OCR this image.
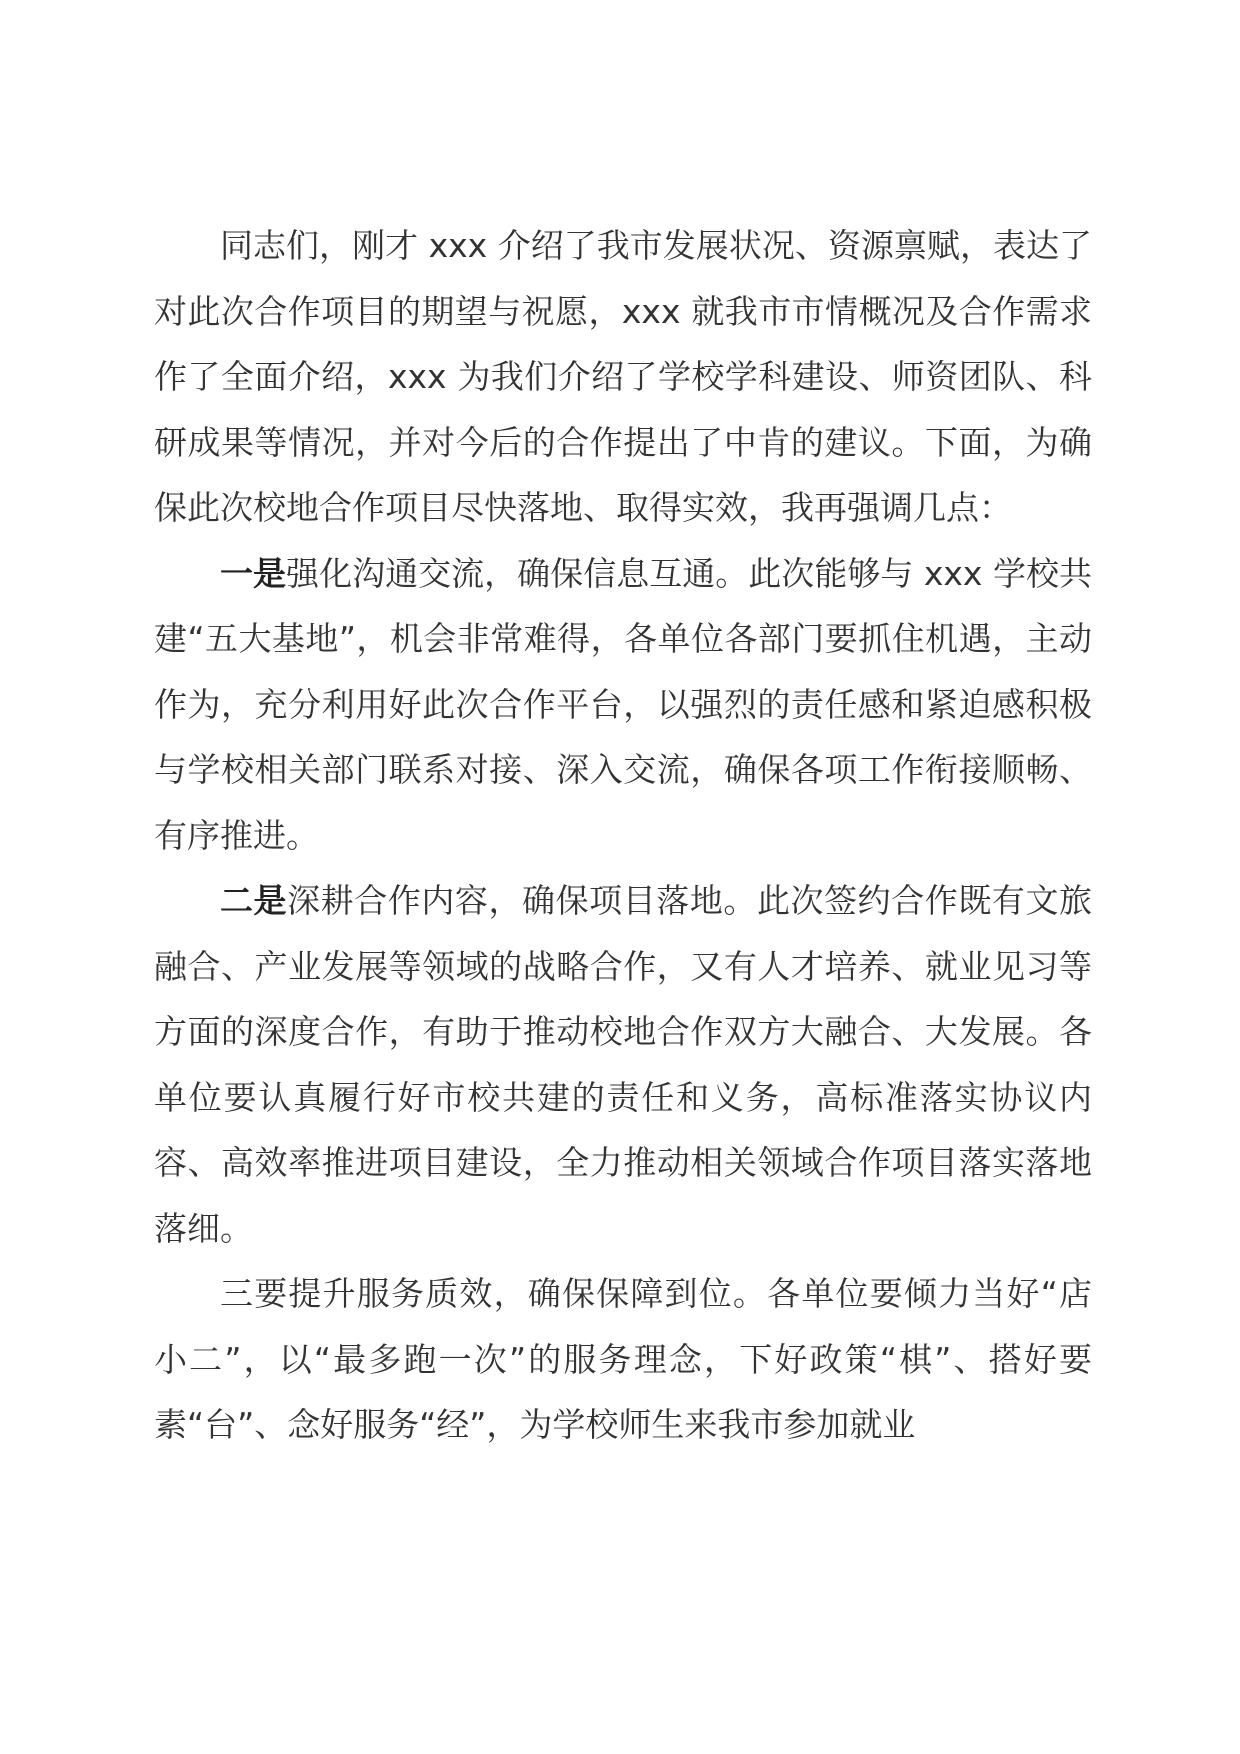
同志们，刚才 xxx 介绍了我市发展状况、资源禀赋，表达了对此次合作项目的期望与祝愿，xxx 就我市市情概况及合作需求作了全面介绍，xxx 为我们介绍了学校学科建设、师资团队、科研成果等情况，并对今后的合作提出了中肯的建议。下面，为确保此次校地合作项目尽快落地、取得实效，我再强调几点：

一是强化沟通交流，确保信息互通。此次能够与 xxx 学校共建“五大基地”，机会非常难得，各单位各部门要抓住机遇，主动作为，充分利用好此次合作平台，以强烈的责任感和紧迫感积极与学校相关部门联系对接、深入交流，确保各项工作衔接顺畅、有序推进。

二是深耕合作内容，确保项目落地。此次签约合作既有文旅融合、产业发展等领域的战略合作，又有人才培养、就业见习等方面的深度合作，有助于推动校地合作双方大融合、大发展。各单位要认真履行好市校共建的责任和义务，高标准落实协议内容、高效率推进项目建设，全力推动相关领域合作项目落实落地落细。

三要提升服务质效，确保保障到位。各单位要倾力当好“店小二”，以“最多跑一次”的服务理念，下好政策“棋”、搭好要素“台”、念好服务“经”，为学校师生来我市参加就业
